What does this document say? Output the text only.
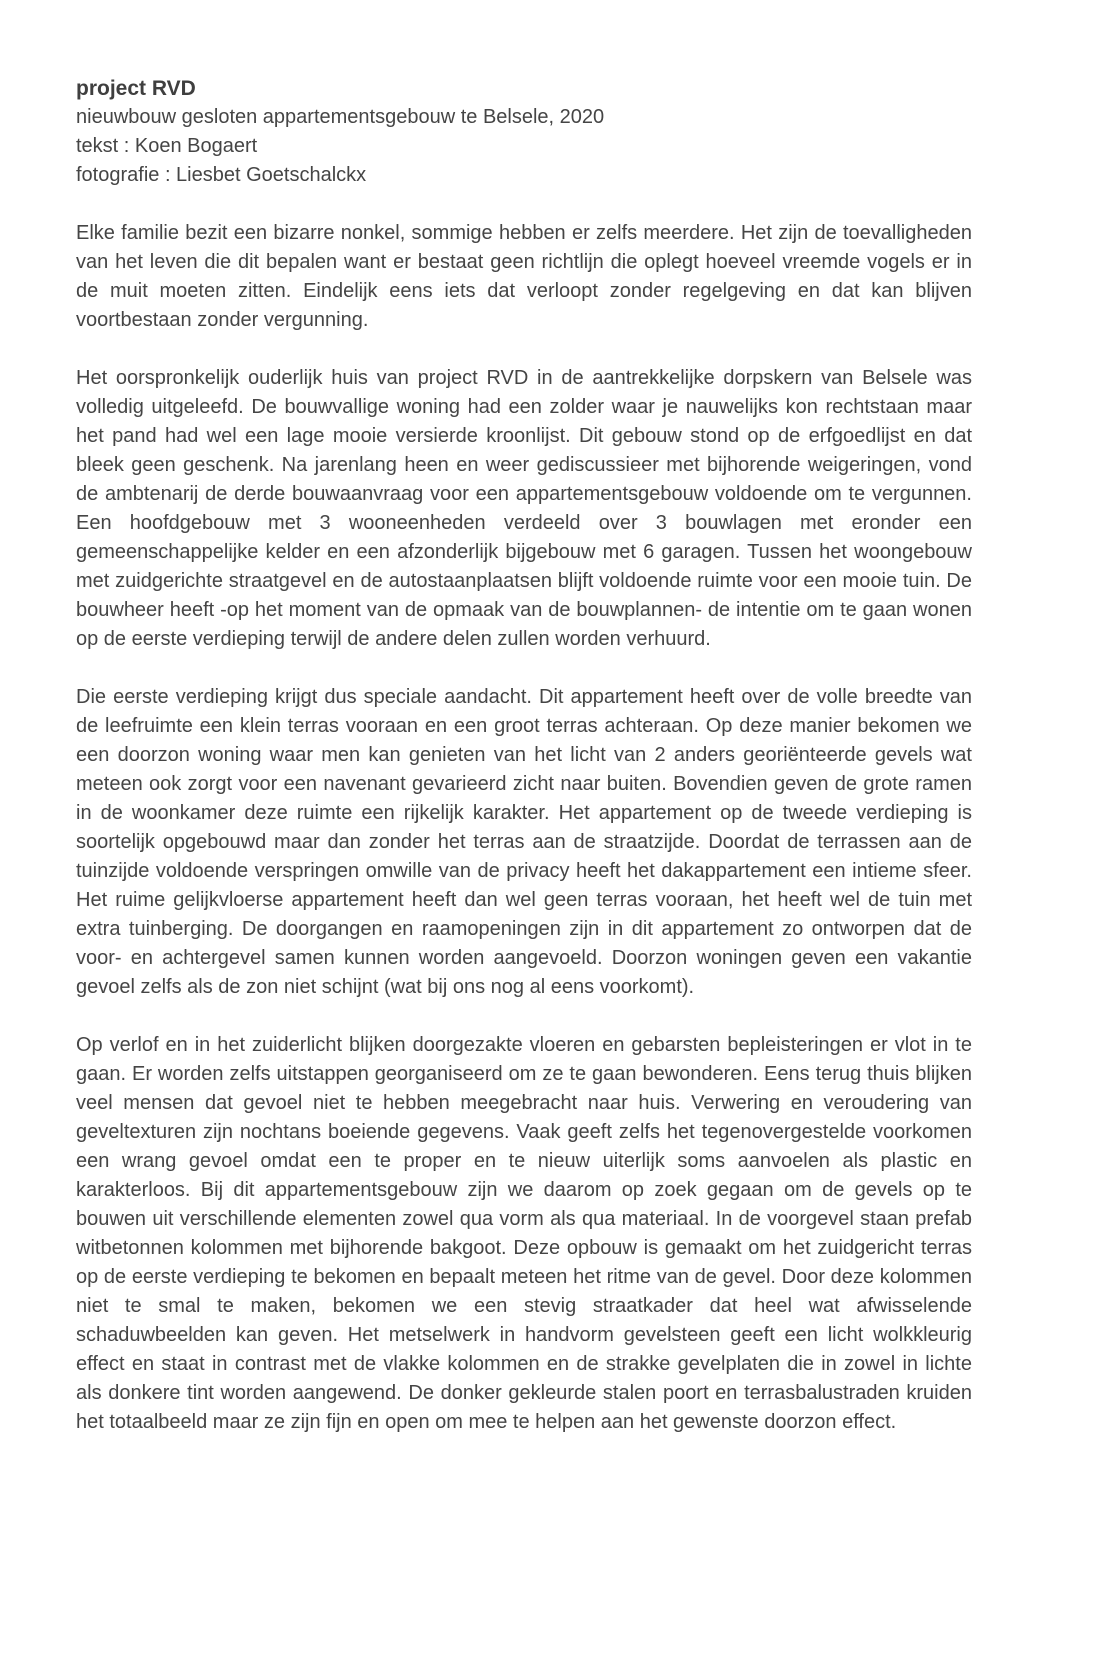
project RVD

nieuwbouw gesloten appartementsgebouw te Belsele, 2020

tekst : Koen Bogaert

fotografie : Liesbet Goetschalckx

Elke familie bezit een bizarre nonkel, sommige hebben er zelfs meerdere. Het zijn de toevalligheden van het leven die dit bepalen want er bestaat geen richtlijn die oplegt hoeveel vreemde vogels er in de muit moeten zitten. Eindelijk eens iets dat verloopt zonder regelgeving en dat kan blijven voortbestaan zonder vergunning.

Het oorspronkelijk ouderlijk huis van project RVD in de aantrekkelijke dorpskern van Belsele was volledig uitgeleefd. De bouwvallige woning had een zolder waar je nauwelijks kon rechtstaan maar het pand had wel een lage mooie versierde kroonlijst. Dit gebouw stond op de erfgoedlijst en dat bleek geen geschenk. Na jarenlang heen en weer gediscussieer met bijhorende weigeringen, vond de ambtenarij de derde bouwaanvraag voor een appartementsgebouw voldoende om te vergunnen. Een hoofdgebouw met 3 wooneenheden verdeeld over 3 bouwlagen met eronder een gemeenschappelijke kelder en een afzonderlijk bijgebouw met 6 garagen. Tussen het woongebouw met zuidgerichte straatgevel en de autostaanplaatsen blijft voldoende ruimte voor een mooie tuin. De bouwheer heeft -op het moment van de opmaak van de bouwplannen- de intentie om te gaan wonen op de eerste verdieping terwijl de andere delen zullen worden verhuurd.

Die eerste verdieping krijgt dus speciale aandacht. Dit appartement heeft over de volle breedte van de leefruimte een klein terras vooraan en een groot terras achteraan. Op deze manier bekomen we een doorzon woning waar men kan genieten van het licht van 2 anders georiënteerde gevels wat meteen ook zorgt voor een navenant gevarieerd zicht naar buiten. Bovendien geven de grote ramen in de woonkamer deze ruimte een rijkelijk karakter. Het appartement op de tweede verdieping is soortelijk opgebouwd maar dan zonder het terras aan de straatzijde. Doordat de terrassen aan de tuinzijde voldoende verspringen omwille van de privacy heeft het dakappartement een intieme sfeer. Het ruime gelijkvloerse appartement heeft dan wel geen terras vooraan, het heeft wel de tuin met extra tuinberging. De doorgangen en raamopeningen zijn in dit appartement zo ontworpen dat de voor- en achtergevel samen kunnen worden aangevoeld. Doorzon woningen geven een vakantie gevoel zelfs als de zon niet schijnt (wat bij ons nog al eens voorkomt).

Op verlof en in het zuiderlicht blijken doorgezakte vloeren en gebarsten bepleisteringen er vlot in te gaan. Er worden zelfs uitstappen georganiseerd om ze te gaan bewonderen. Eens terug thuis blijken veel mensen dat gevoel niet te hebben meegebracht naar huis. Verwering en veroudering van geveltexturen zijn nochtans boeiende gegevens. Vaak geeft zelfs het tegenovergestelde voorkomen een wrang gevoel omdat een te proper en te nieuw uiterlijk soms aanvoelen als plastic en karakterloos. Bij dit appartementsgebouw zijn we daarom op zoek gegaan om de gevels op te bouwen uit verschillende elementen zowel qua vorm als qua materiaal. In de voorgevel staan prefab witbetonnen kolommen met bijhorende bakgoot. Deze opbouw is gemaakt om het zuidgericht terras op de eerste verdieping te bekomen en bepaalt meteen het ritme van de gevel. Door deze kolommen niet te smal te maken, bekomen we een stevig straatkader dat heel wat afwisselende schaduwbeelden kan geven. Het metselwerk in handvorm gevelsteen geeft een licht wolkkleurig effect en staat in contrast met de vlakke kolommen en de strakke gevelplaten die in zowel in lichte als donkere tint worden aangewend. De donker gekleurde stalen poort en terrasbalustraden kruiden het totaalbeeld maar ze zijn fijn en open om mee te helpen aan het gewenste doorzon effect.
